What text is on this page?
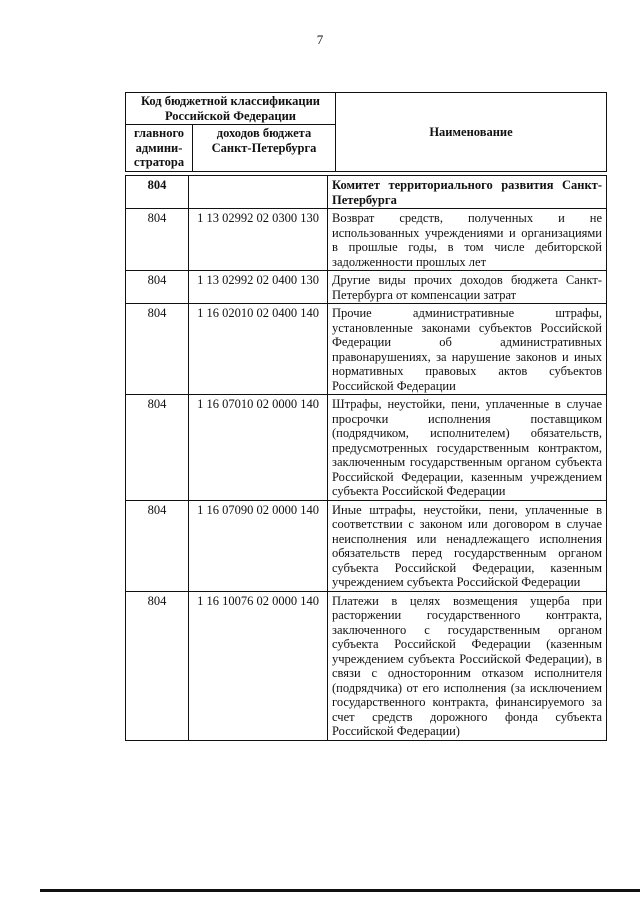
7
Код бюджетной классификации Российской Федерации		Наименование
главного админи-стратора	доходов бюджета Санкт-Петербурга	
804		Комитет территориального развития Санкт-Петербурга
804	1 13 02992 02 0300 130	Возврат средств, полученных и не использованных учреждениями и организациями в прошлые годы, в том числе дебиторской задолженности прошлых лет
804	1 13 02992 02 0400 130	Другие виды прочих доходов бюджета Санкт-Петербурга от компенсации затрат
804	1 16 02010 02 0400 140	Прочие административные штрафы, установленные законами субъектов Российской Федерации об административных правонарушениях, за нарушение законов и иных нормативных правовых актов субъектов Российской Федерации
804	1 16 07010 02 0000 140	Штрафы, неустойки, пени, уплаченные в случае просрочки исполнения поставщиком (подрядчиком, исполнителем) обязательств, предусмотренных государственным контрактом, заключенным государственным органом субъекта Российской Федерации, казенным учреждением субъекта Российской Федерации
804	1 16 07090 02 0000 140	Иные штрафы, неустойки, пени, уплаченные в соответствии с законом или договором в случае неисполнения или ненадлежащего исполнения обязательств перед государственным органом субъекта Российской Федерации, казенным учреждением субъекта Российской Федерации
804	1 16 10076 02 0000 140	Платежи в целях возмещения ущерба при расторжении государственного контракта, заключенного с государственным органом субъекта Российской Федерации (казенным учреждением субъекта Российской Федерации), в связи с односторонним отказом исполнителя (подрядчика) от его исполнения (за исключением государственного контракта, финансируемого за счет средств дорожного фонда субъекта Российской Федерации)
